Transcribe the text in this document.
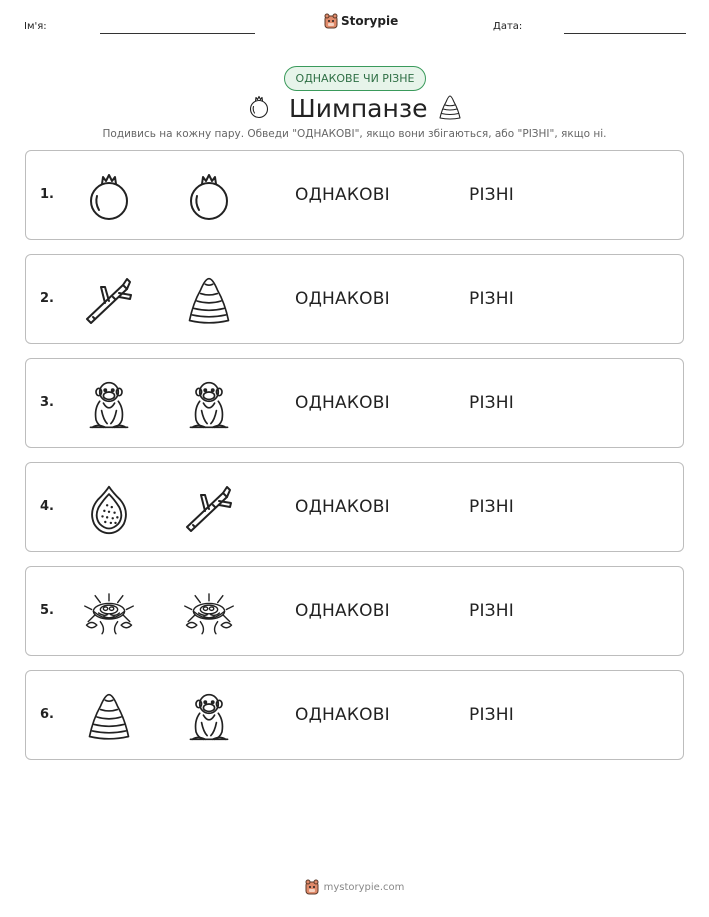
Ім'я:	Storypie	Дата:
ОДНАКОВЕ ЧИ РІЗНЕ
Шимпанзе
Подивись на кожну пару. Обведи "ОДНАКОВІ", якщо вони збігаються, або "РІЗНІ", якщо ні.
1.	ОДНАКОВІ	РІЗНІ
2.	ОДНАКОВІ	РІЗНІ
3.	ОДНАКОВІ	РІЗНІ
4.	ОДНАКОВІ	РІЗНІ
5.	ОДНАКОВІ	РІЗНІ
6.	ОДНАКОВІ	РІЗНІ
mystorypie.com
